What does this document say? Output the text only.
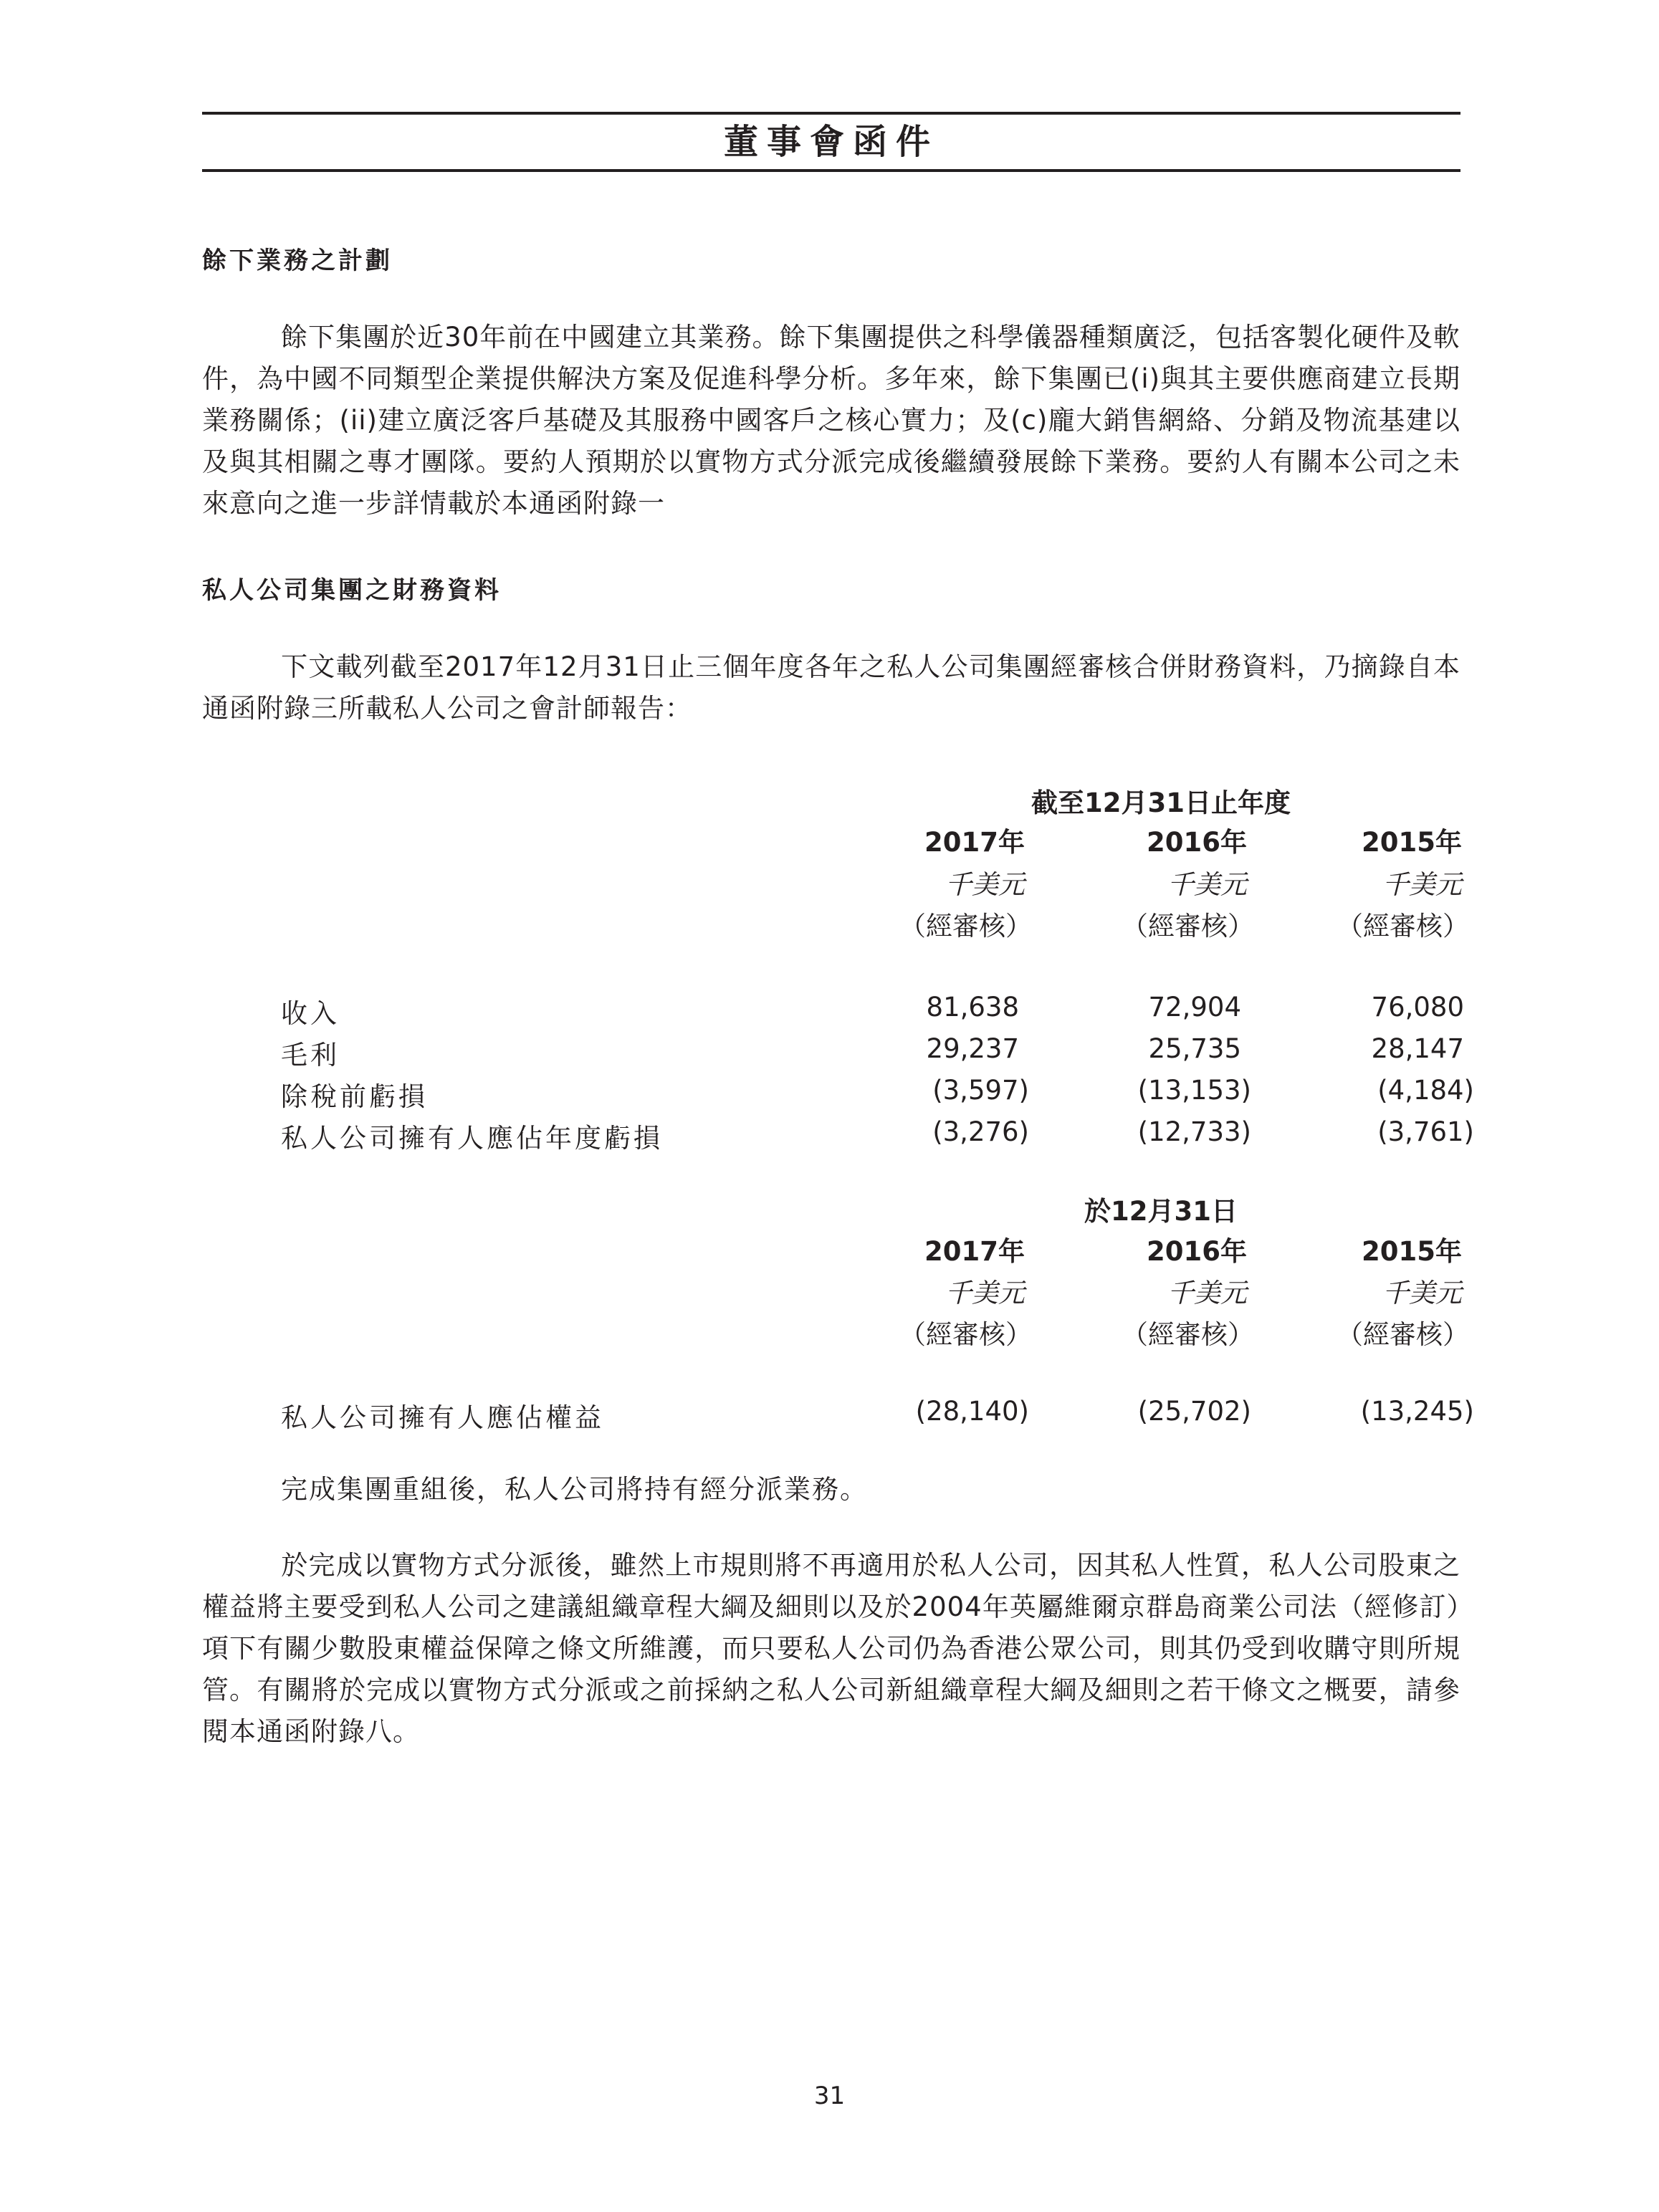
董事會函件
餘下業務之計劃
餘下集團於近30年前在中國建立其業務。餘下集團提供之科學儀器種類廣泛，包括客製化硬件及軟件，為中國不同類型企業提供解決方案及促進科學分析。多年來，餘下集團已(i)與其主要供應商建立長期業務關係；(ii)建立廣泛客戶基礎及其服務中國客戶之核心實力；及(c)龐大銷售網絡、分銷及物流基建以及與其相關之專才團隊。要約人預期於以實物方式分派完成後繼續發展餘下業務。要約人有關本公司之未來意向之進一步詳情載於本通函附錄一
私人公司集團之財務資料
下文載列截至2017年12月31日止三個年度各年之私人公司集團經審核合併財務資料，乃摘錄自本通函附錄三所載私人公司之會計師報告：
截至12月31日止年度
2017年	2016年	2015年
千美元	千美元	千美元
（經審核）	（經審核）	（經審核）
收入	81,638	72,904	76,080
毛利	29,237	25,735	28,147
除稅前虧損	(3,597)	(13,153)	(4,184)
私人公司擁有人應佔年度虧損	(3,276)	(12,733)	(3,761)
於12月31日
2017年	2016年	2015年
千美元	千美元	千美元
（經審核）	（經審核）	（經審核）
私人公司擁有人應佔權益	(28,140)	(25,702)	(13,245)
完成集團重組後，私人公司將持有經分派業務。
於完成以實物方式分派後，雖然上市規則將不再適用於私人公司，因其私人性質，私人公司股東之權益將主要受到私人公司之建議組織章程大綱及細則以及於2004年英屬維爾京群島商業公司法（經修訂）項下有關少數股東權益保障之條文所維護，而只要私人公司仍為香港公眾公司，則其仍受到收購守則所規管。有關將於完成以實物方式分派或之前採納之私人公司新組織章程大綱及細則之若干條文之概要，請參閱本通函附錄八。
31
